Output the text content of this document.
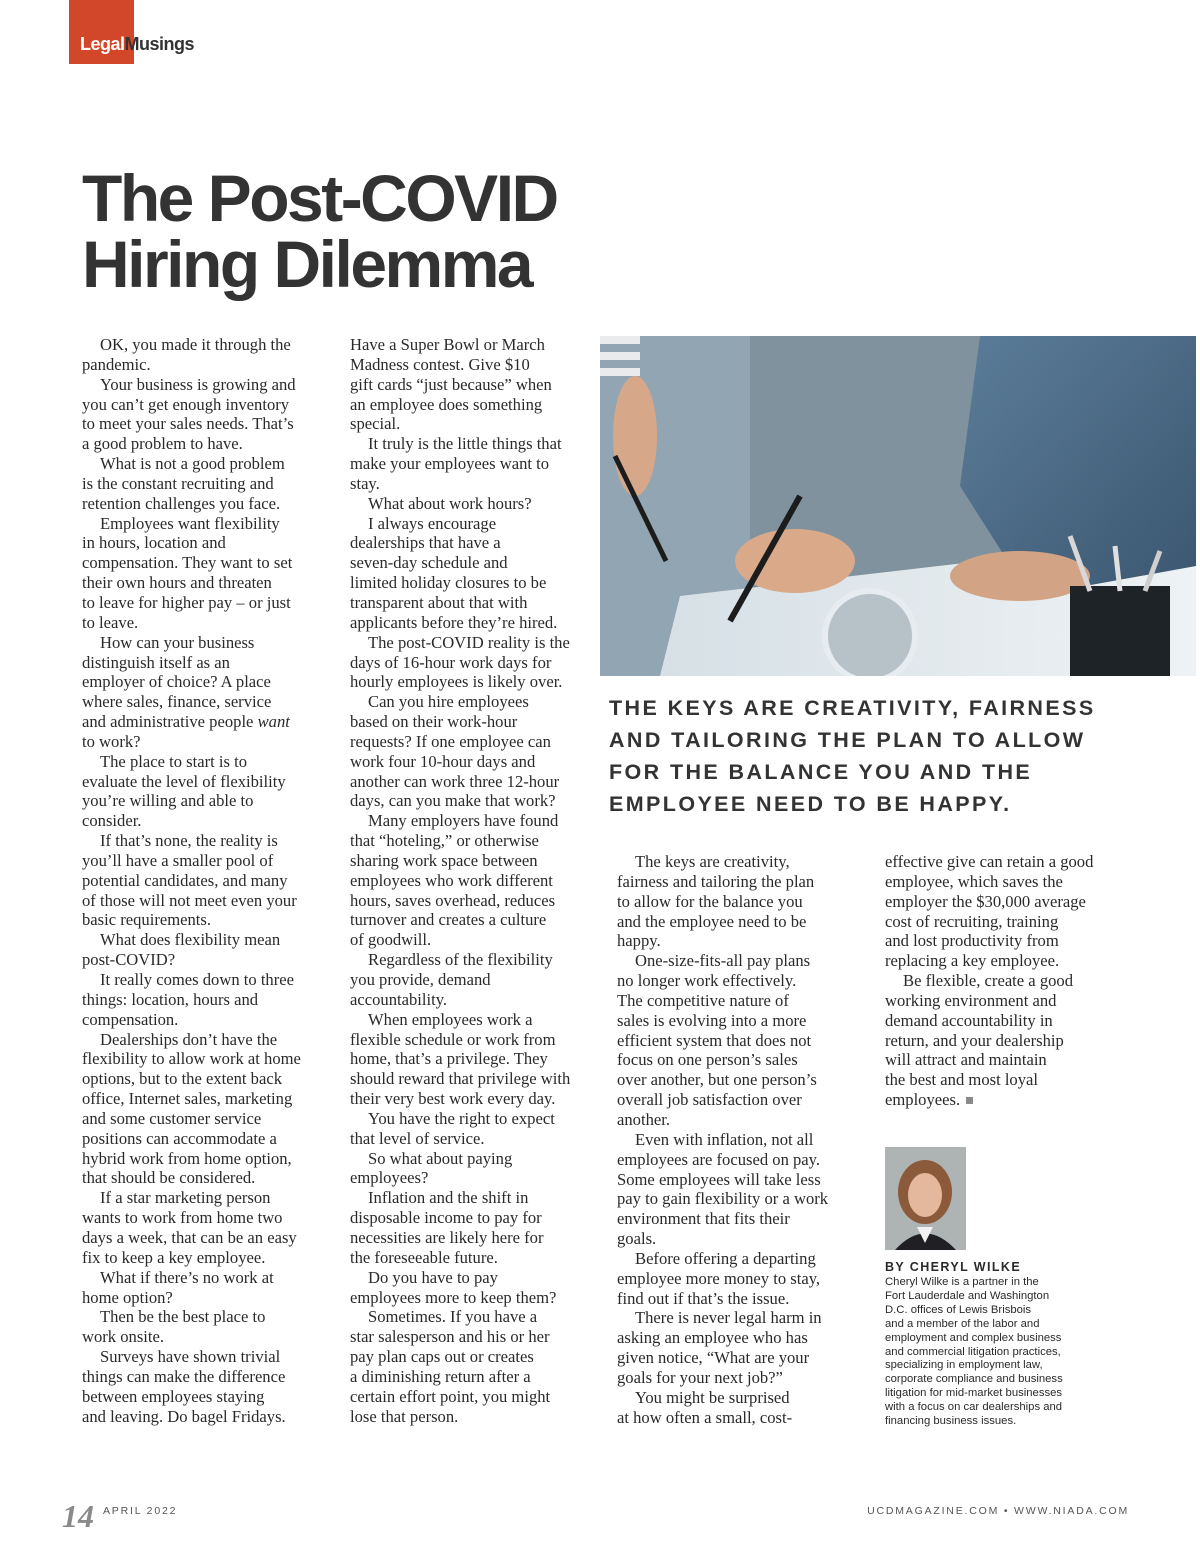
LegalMusings
The Post-COVID
Hiring Dilemma

OK, you made it through the

pandemic.

Your business is growing and

you can’t get enough inventory

to meet your sales needs. That’s

a good problem to have.

What is not a good problem

is the constant recruiting and

retention challenges you face.

Employees want flexibility

in hours, location and

compensation. They want to set

their own hours and threaten

to leave for higher pay – or just

to leave.

How can your business

distinguish itself as an

employer of choice? A place

where sales, finance, service

and administrative people want

to work?

The place to start is to

evaluate the level of flexibility

you’re willing and able to

consider.

If that’s none, the reality is

you’ll have a smaller pool of

potential candidates, and many

of those will not meet even your

basic requirements.

What does flexibility mean

post-COVID?

It really comes down to three

things: location, hours and

compensation.

Dealerships don’t have the

flexibility to allow work at home

options, but to the extent back

office, Internet sales, marketing

and some customer service

positions can accommodate a

hybrid work from home option,

that should be considered.

If a star marketing person

wants to work from home two

days a week, that can be an easy

fix to keep a key employee.

What if there’s no work at

home option?

Then be the best place to

work onsite.

Surveys have shown trivial

things can make the difference

between employees staying

and leaving. Do bagel Fridays.

Have a Super Bowl or March

Madness contest. Give $10

gift cards “just because” when

an employee does something

special.

It truly is the little things that

make your employees want to

stay.

What about work hours?

I always encourage

dealerships that have a

seven-day schedule and

limited holiday closures to be

transparent about that with

applicants before they’re hired.

The post-COVID reality is the

days of 16-hour work days for

hourly employees is likely over.

Can you hire employees

based on their work-hour

requests? If one employee can

work four 10-hour days and

another can work three 12-hour

days, can you make that work?

Many employers have found

that “hoteling,” or otherwise

sharing work space between

employees who work different

hours, saves overhead, reduces

turnover and creates a culture

of goodwill.

Regardless of the flexibility

you provide, demand

accountability.

When employees work a

flexible schedule or work from

home, that’s a privilege. They

should reward that privilege with

their very best work every day.

You have the right to expect

that level of service.

So what about paying

employees?

Inflation and the shift in

disposable income to pay for

necessities are likely here for

the foreseeable future.

Do you have to pay

employees more to keep them?

Sometimes. If you have a

star salesperson and his or her

pay plan caps out or creates

a diminishing return after a

certain effort point, you might

lose that person.

THE KEYS ARE CREATIVITY, FAIRNESS
AND TAILORING THE PLAN TO ALLOW
FOR THE BALANCE YOU AND THE
EMPLOYEE NEED TO BE HAPPY.

The keys are creativity,

fairness and tailoring the plan

to allow for the balance you

and the employee need to be

happy.

One-size-fits-all pay plans

no longer work effectively.

The competitive nature of

sales is evolving into a more

efficient system that does not

focus on one person’s sales

over another, but one person’s

overall job satisfaction over

another.

Even with inflation, not all

employees are focused on pay.

Some employees will take less

pay to gain flexibility or a work

environment that fits their

goals.

Before offering a departing

employee more money to stay,

find out if that’s the issue.

There is never legal harm in

asking an employee who has

given notice, “What are your

goals for your next job?”

You might be surprised

at how often a small, cost-

effective give can retain a good

employee, which saves the

employer the $30,000 average

cost of recruiting, training

and lost productivity from

replacing a key employee.

Be flexible, create a good

working environment and

demand accountability in

return, and your dealership

will attract and maintain

the best and most loyal

employees.

BY CHERYL WILKE
Cheryl Wilke is a partner in the
Fort Lauderdale and Washington
D.C. offices of Lewis Brisbois
and a member of the labor and
employment and complex business
and commercial litigation practices,
specializing in employment law,
corporate compliance and business
litigation for mid-market businesses
with a focus on car dealerships and
financing business issues.
14 APRIL 2022	UCDMAGAZINE.COM • WWW.NIADA.COM
